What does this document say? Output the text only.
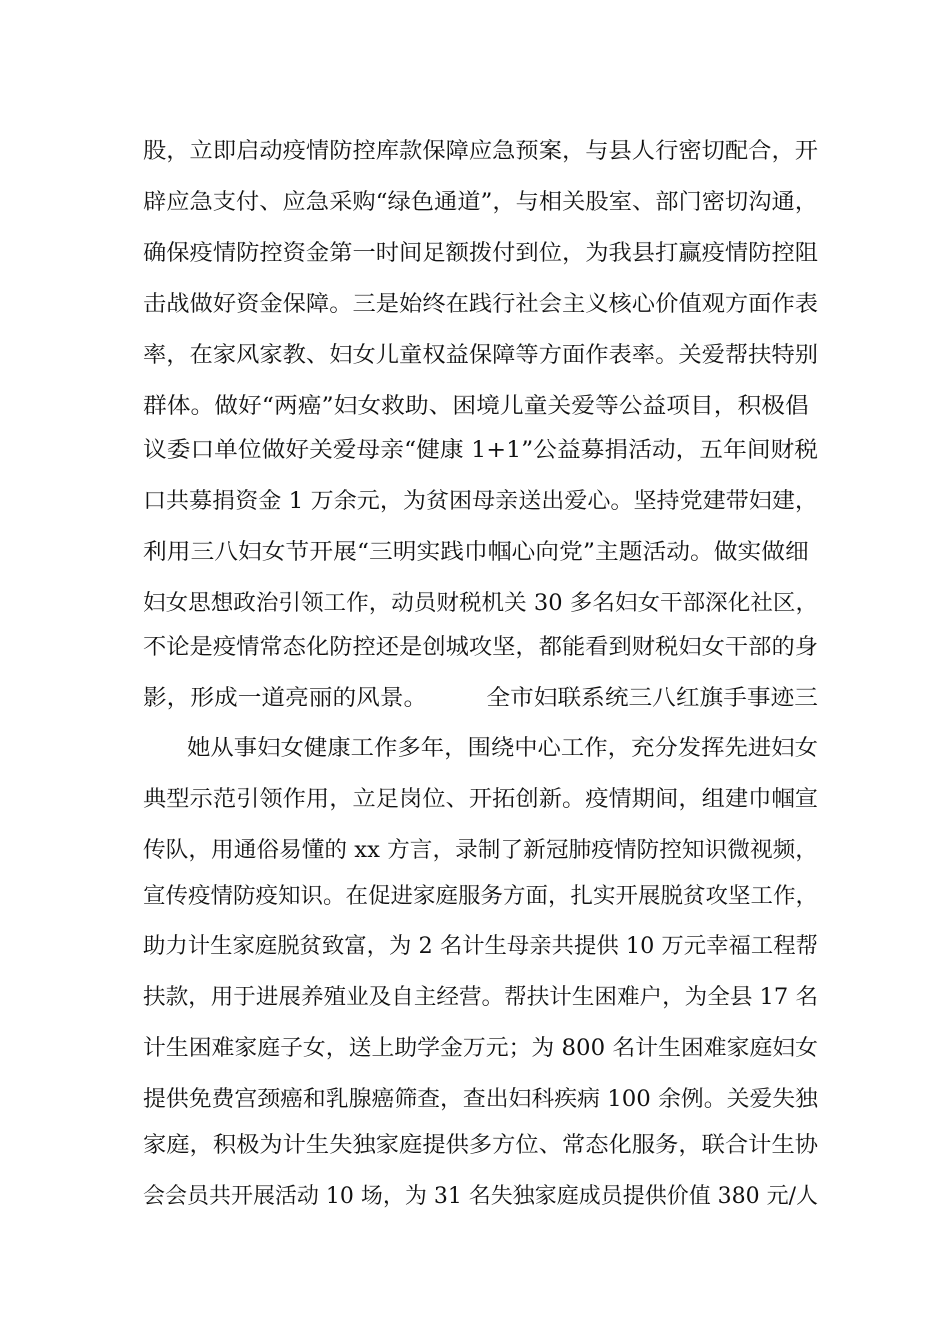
股，立即启动疫情防控库款保障应急预案，与县人行密切配合，开
辟应急支付、应急采购“绿色通道”，与相关股室、部门密切沟通，
确保疫情防控资金第一时间足额拨付到位，为我县打赢疫情防控阻
击战做好资金保障。三是始终在践行社会主义核心价值观方面作表
率，在家风家教、妇女儿童权益保障等方面作表率。关爱帮扶特别
群体。做好“两癌”妇女救助、困境儿童关爱等公益项目，积极倡
议委口单位做好关爱母亲“健康 1+1”公益募捐活动，五年间财税
口共募捐资金 1 万余元，为贫困母亲送出爱心。坚持党建带妇建，
利用三八妇女节开展“三明实践巾帼心向党”主题活动。做实做细
妇女思想政治引领工作，动员财税机关 30 多名妇女干部深化社区，
不论是疫情常态化防控还是创城攻坚，都能看到财税妇女干部的身
影，形成一道亮丽的风景。　　　全市妇联系统三八红旗手事迹三
她从事妇女健康工作多年，围绕中心工作，充分发挥先进妇女
典型示范引领作用，立足岗位、开拓创新。疫情期间，组建巾帼宣
传队，用通俗易懂的 xx 方言，录制了新冠肺疫情防控知识微视频，
宣传疫情防疫知识。在促进家庭服务方面，扎实开展脱贫攻坚工作，
助力计生家庭脱贫致富，为 2 名计生母亲共提供 10 万元幸福工程帮
扶款，用于进展养殖业及自主经营。帮扶计生困难户，为全县 17 名
计生困难家庭子女，送上助学金万元；为 800 名计生困难家庭妇女
提供免费宫颈癌和乳腺癌筛查，查出妇科疾病 100 余例。关爱失独
家庭，积极为计生失独家庭提供多方位、常态化服务，联合计生协
会会员共开展活动 10 场，为 31 名失独家庭成员提供价值 380 元/人
